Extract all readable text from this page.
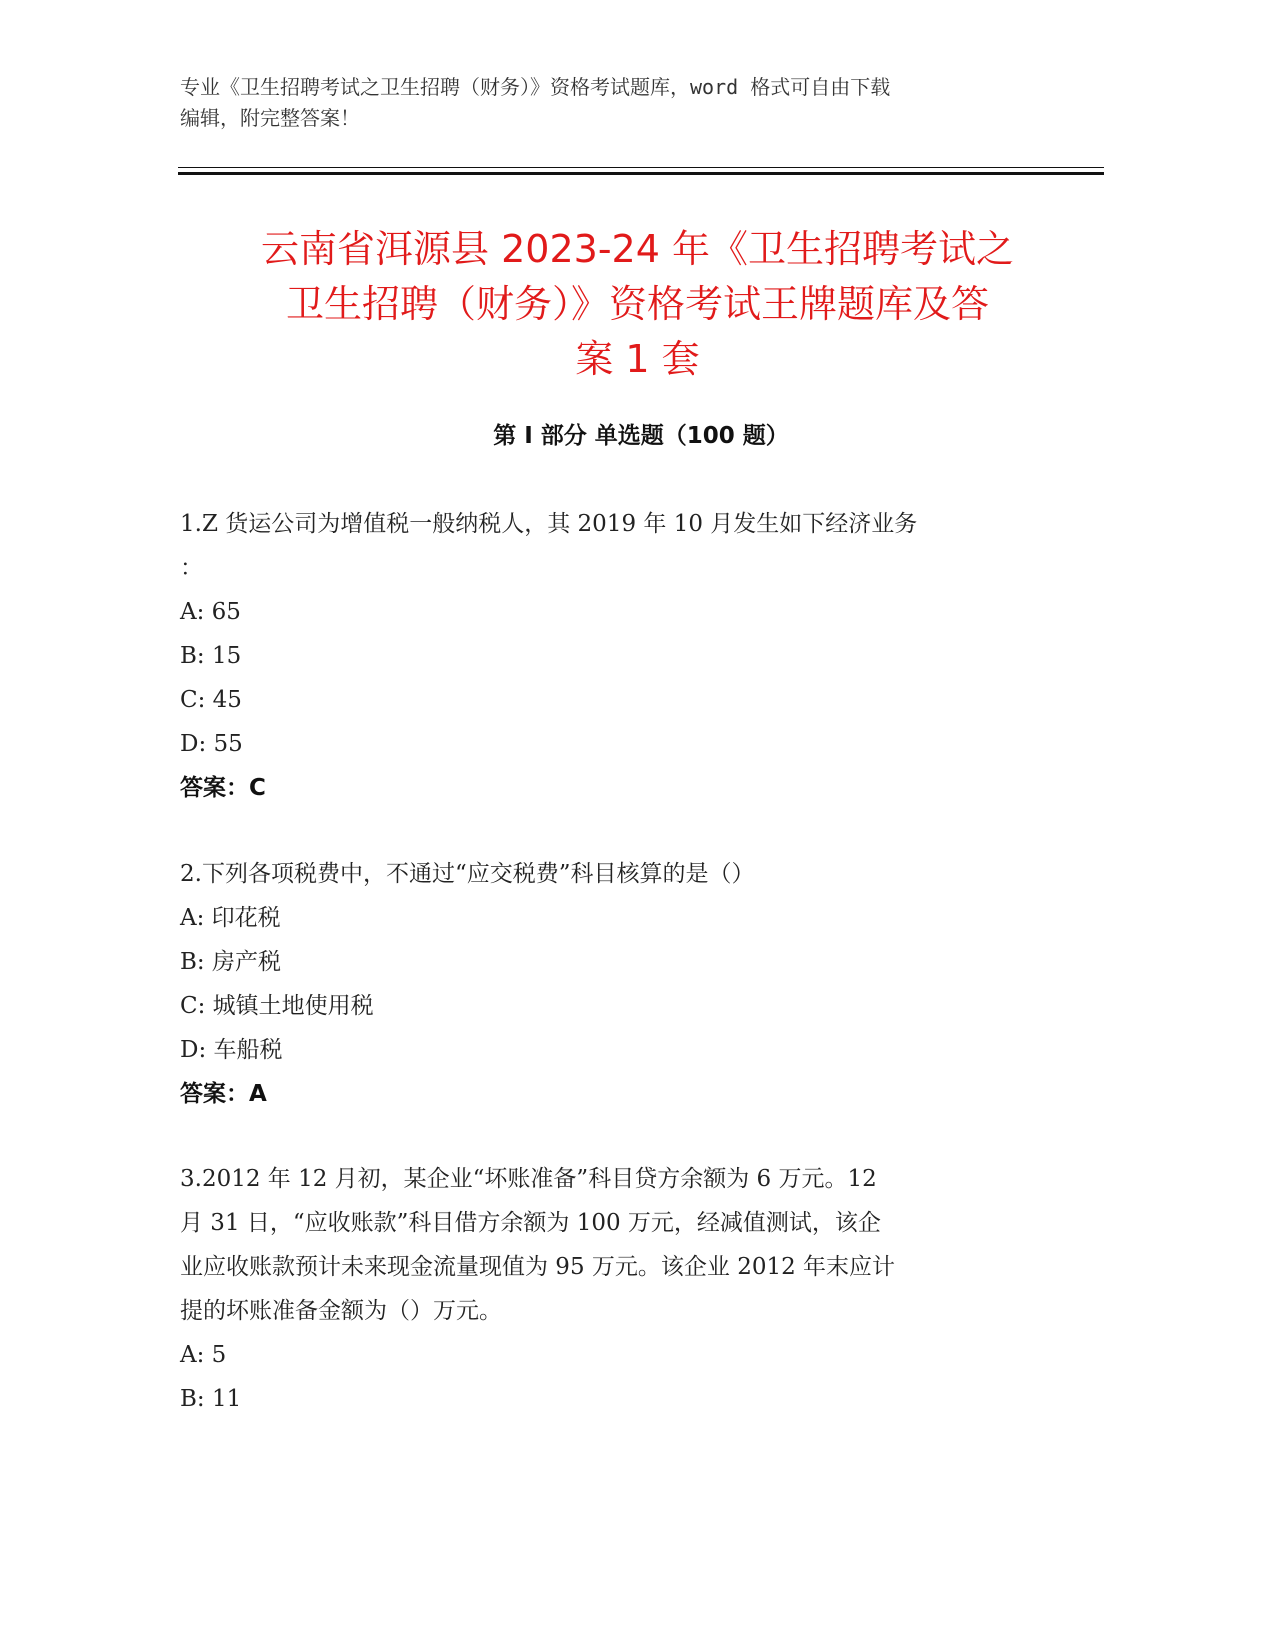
专业《卫生招聘考试之卫生招聘（财务）》资格考试题库，word 格式可自由下载
编辑，附完整答案！
云南省洱源县 2023-24 年《卫生招聘考试之
卫生招聘（财务）》资格考试王牌题库及答
案 1 套
第 I 部分 单选题（100 题）
1.Z 货运公司为增值税一般纳税人，其 2019 年 10 月发生如下经济业务
：
A: 65
B: 15
C: 45
D: 55
答案：C
2.下列各项税费中，不通过“应交税费”科目核算的是（）
A: 印花税
B: 房产税
C: 城镇土地使用税
D: 车船税
答案：A
3.2012 年 12 月初，某企业“坏账准备”科目贷方余额为 6 万元。12
月 31 日，“应收账款”科目借方余额为 100 万元，经减值测试，该企
业应收账款预计未来现金流量现值为 95 万元。该企业 2012 年末应计
提的坏账准备金额为（）万元。
A: 5
B: 11
